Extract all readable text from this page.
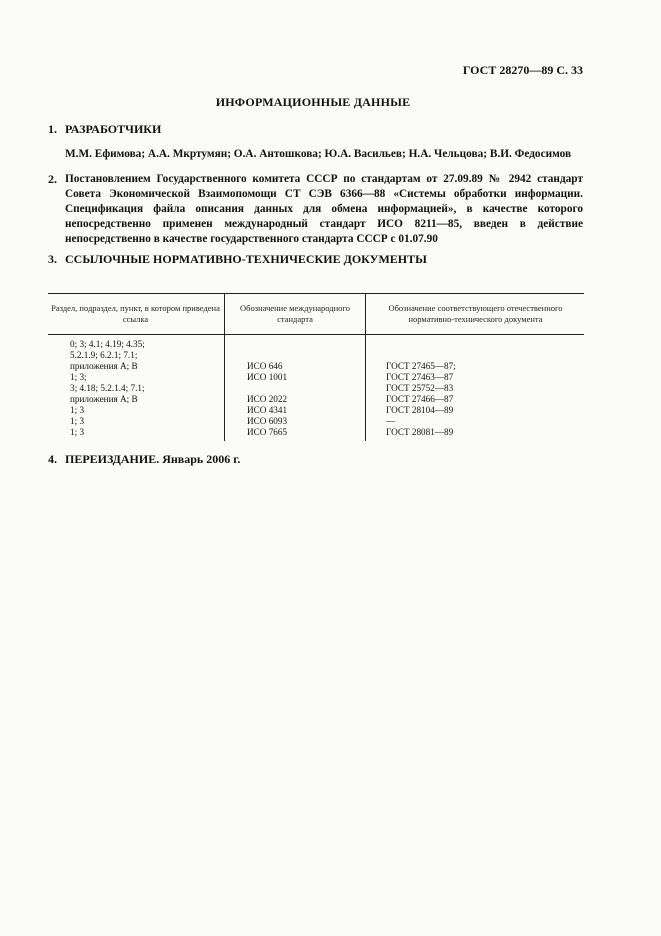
ГОСТ 28270—89 С. 33
ИНФОРМАЦИОННЫЕ ДАННЫЕ
1. РАЗРАБОТЧИКИ
М.М. Ефимова; А.А. Мкртумян; О.А. Антошкова; Ю.А. Васильев; Н.А. Чельцова; В.И. Федосимов
2. Постановлением Государственного комитета СССР по стандартам от 27.09.89 № 2942 стандарт Совета Экономической Взаимопомощи СТ СЭВ 6366—88 «Системы обработки информации. Спецификация файла описания данных для обмена информацией», в качестве которого непосредственно применен международный стандарт ИСО 8211—85, введен в действие непосредственно в качестве государственного стандарта СССР с 01.07.90
3. ССЫЛОЧНЫЕ НОРМАТИВНО-ТЕХНИЧЕСКИЕ ДОКУМЕНТЫ
Раздел, подраздел, пункт, в котором приведена ссылка
Обозначение международного стандарта
Обозначение соответствующего отечественного нормативно-технического документа
0; 3; 4.1; 4.19; 4.35;
5.2.1.9; 6.2.1; 7.1;
приложения А; В
1; 3;
3; 4.18; 5.2.1.4; 7.1;
приложения А; В
1; 3
1; 3
1; 3
ИСО 646
ИСО 1001
ИСО 2022
ИСО 4341
ИСО 6093
ИСО 7665
ГОСТ 27465—87;
ГОСТ 27463—87
ГОСТ 25752—83
ГОСТ 27466—87
ГОСТ 28104—89
—
ГОСТ 28081—89
4. ПЕРЕИЗДАНИЕ. Январь 2006 г.
